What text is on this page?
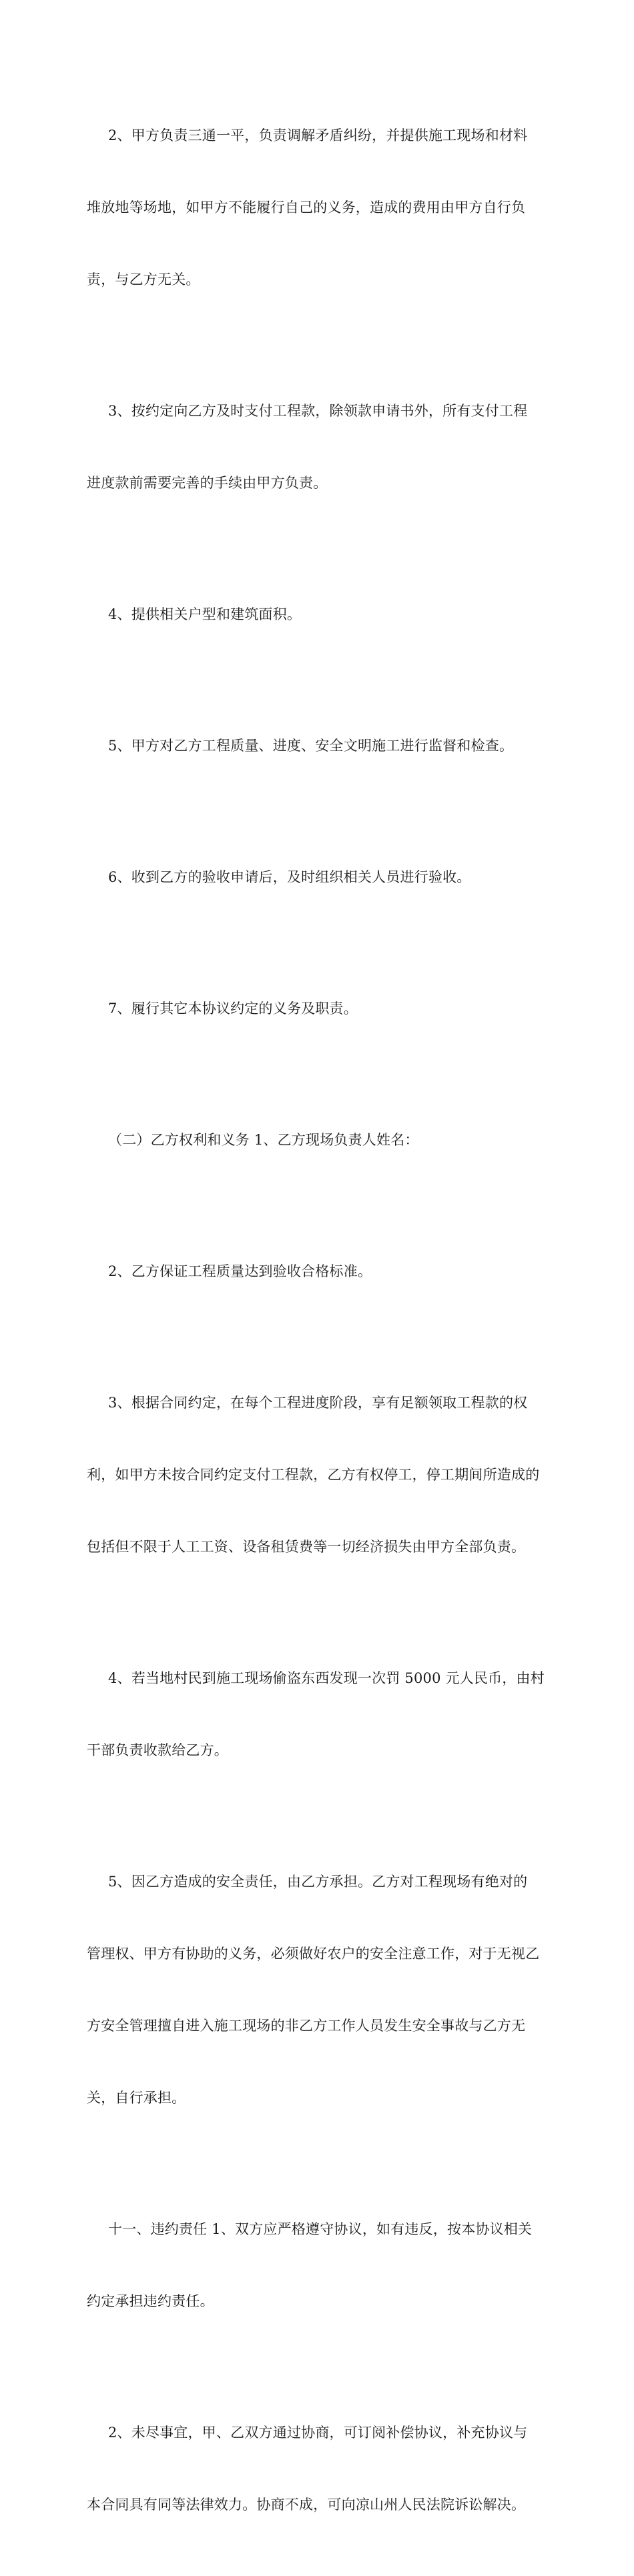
2、甲方负责三通一平，负责调解矛盾纠纷，并提供施工现场和材料

堆放地等场地，如甲方不能履行自己的义务，造成的费用由甲方自行负

责，与乙方无关。

3、按约定向乙方及时支付工程款，除领款申请书外，所有支付工程

进度款前需要完善的手续由甲方负责。

4、提供相关户型和建筑面积。

5、甲方对乙方工程质量、进度、安全文明施工进行监督和检查。

6、收到乙方的验收申请后，及时组织相关人员进行验收。

7、履行其它本协议约定的义务及职责。

（二）乙方权利和义务 1、乙方现场负责人姓名：

2、乙方保证工程质量达到验收合格标准。

3、根据合同约定，在每个工程进度阶段，享有足额领取工程款的权

利，如甲方未按合同约定支付工程款，乙方有权停工，停工期间所造成的

包括但不限于人工工资、设备租赁费等一切经济损失由甲方全部负责。

4、若当地村民到施工现场偷盗东西发现一次罚 5000 元人民币，由村

干部负责收款给乙方。

5、因乙方造成的安全责任，由乙方承担。乙方对工程现场有绝对的

管理权、甲方有协助的义务，必须做好农户的安全注意工作，对于无视乙

方安全管理擅自进入施工现场的非乙方工作人员发生安全事故与乙方无

关，自行承担。

十一、违约责任 1、双方应严格遵守协议，如有违反，按本协议相关

约定承担违约责任。

2、未尽事宜，甲、乙双方通过协商，可订阅补偿协议，补充协议与

本合同具有同等法律效力。协商不成，可向凉山州人民法院诉讼解决。
